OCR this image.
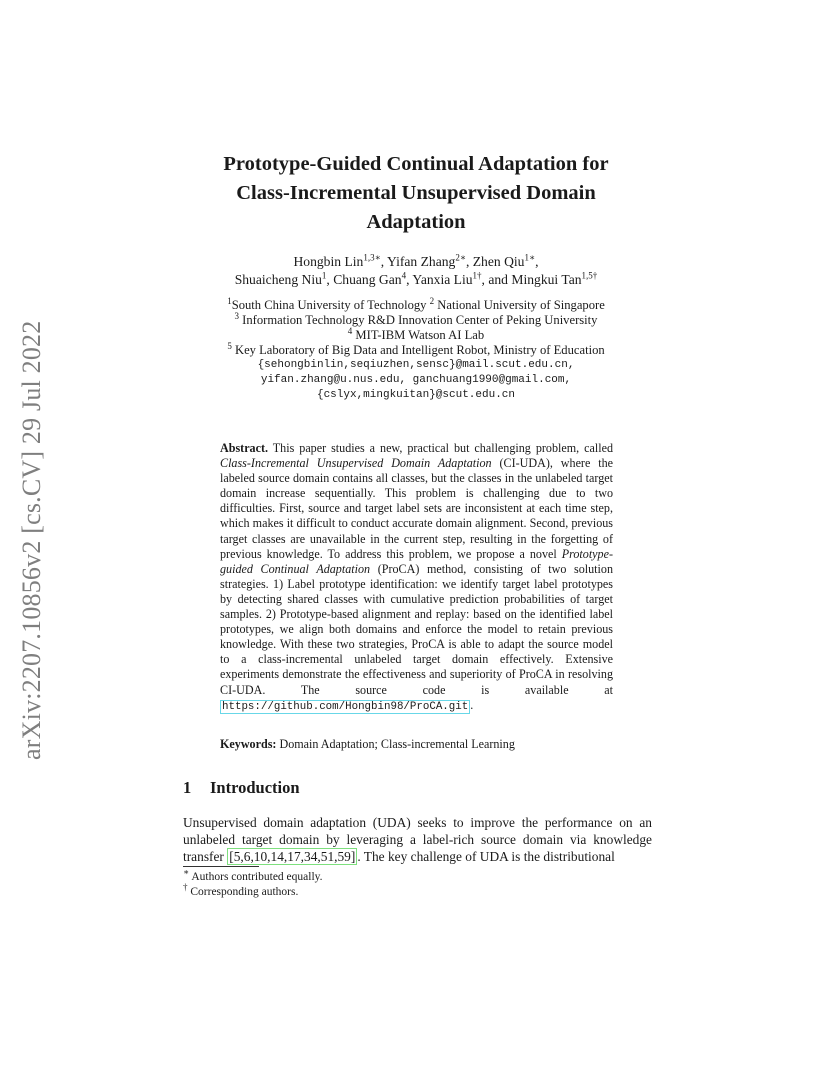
arXiv:2207.10856v2 [cs.CV] 29 Jul 2022
Prototype-Guided Continual Adaptation for
Class-Incremental Unsupervised Domain
Adaptation
Hongbin Lin$^{1,3∗}$, Yifan Zhang$^{2∗}$, Zhen Qiu$^{1∗}$,
Shuaicheng Niu$^1$, Chuang Gan$^4$, Yanxia Liu$^{1\dagger}$, and Mingkui Tan$^{1,5\dagger}$
$^1$South China University of Technology $^2$ National University of Singapore
$^3$ Information Technology R&D Innovation Center of Peking University
$^4$ MIT-IBM Watson AI Lab
$^5$ Key Laboratory of Big Data and Intelligent Robot, Ministry of Education
{sehongbinlin,seqiuzhen,sensc}@mail.scut.edu.cn,
yifan.zhang@u.nus.edu, ganchuang1990@gmail.com,
{cslyx,mingkuitan}@scut.edu.cn
Abstract. This paper studies a new, practical but challenging problem, called Class-Incremental Unsupervised Domain Adaptation (CI-UDA), where the labeled source domain contains all classes, but the classes in the unlabeled target domain increase sequentially. This problem is challenging due to two difficulties. First, source and target label sets are inconsistent at each time step, which makes it difficult to conduct accurate domain alignment. Second, previous target classes are unavailable in the current step, resulting in the forgetting of previous knowledge. To address this problem, we propose a novel Prototype-guided Continual Adaptation (ProCA) method, consisting of two solution strategies. 1) Label prototype identification: we identify target label prototypes by detecting shared classes with cumulative prediction probabilities of target samples. 2) Prototype-based alignment and replay: based on the identified label prototypes, we align both domains and enforce the model to retain previous knowledge. With these two strategies, ProCA is able to adapt the source model to a class-incremental unlabeled target domain effectively. Extensive experiments demonstrate the effectiveness and superiority of ProCA in resolving CI-UDA. The source code is available at https://github.com/Hongbin98/ProCA.git .
Keywords: Domain Adaptation; Class-incremental Learning
1 Introduction
Unsupervised domain adaptation (UDA) seeks to improve the performance on an unlabeled target domain by leveraging a label-rich source domain via knowledge transfer [5,6,10,14,17,34,51,59] . The key challenge of UDA is the distributional
∗ Authors contributed equally.
† Corresponding authors.
